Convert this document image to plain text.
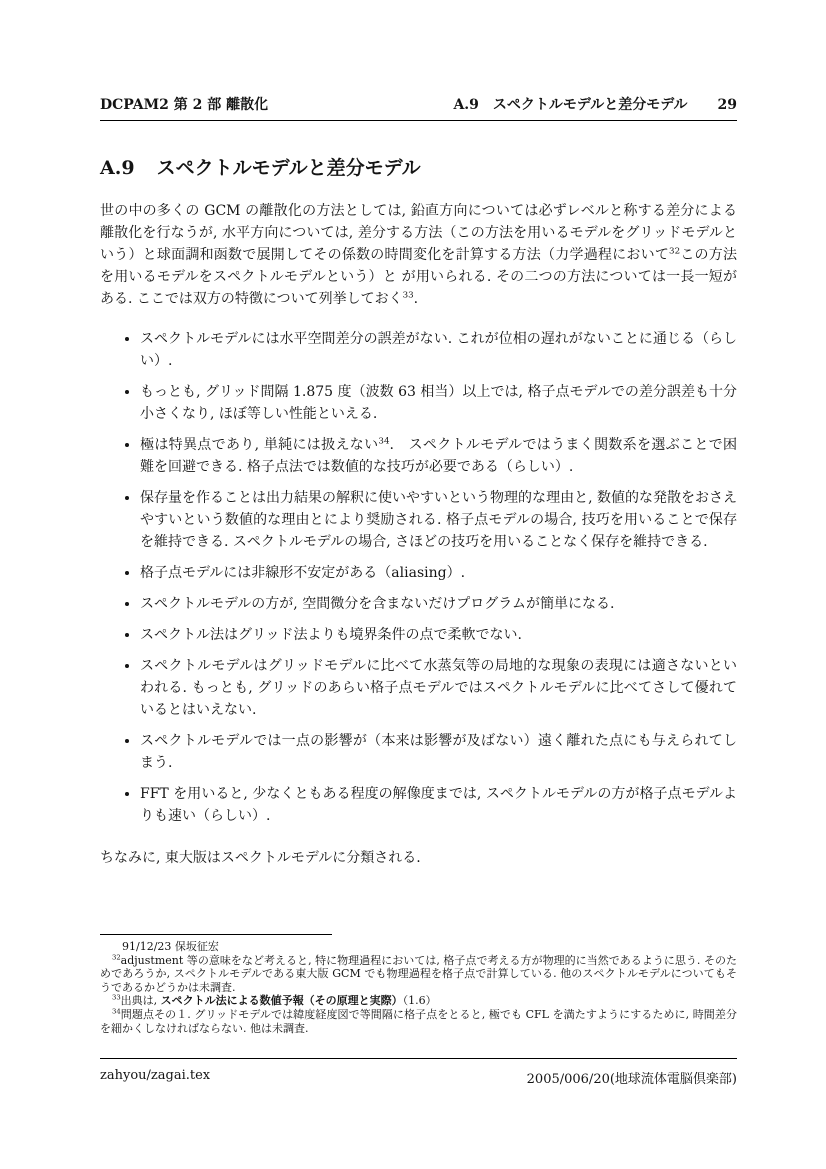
DCPAM2 第 2 部 離散化	A.9　スペクトルモデルと差分モデル 29
A.9 スペクトルモデルと差分モデル

世の中の多くの GCM の離散化の方法としては, 鉛直方向については必ずレベルと称する差分による離散化を行なうが, 水平方向については, 差分する方法（この方法を用いるモデルをグリッドモデルという）と球面調和函数で展開してその係数の時間変化を計算する方法（力学過程において$^{32}$この方法を用いるモデルをスペクトルモデルという）と が用いられる. その二つの方法については一長一短がある. ここでは双方の特徴について列挙しておく$^{33}$.

• スペクトルモデルには水平空間差分の誤差がない. これが位相の遅れがないことに通じる（らしい）.
• もっとも, グリッド間隔 1.875 度（波数 63 相当）以上では, 格子点モデルでの差分誤差も十分小さくなり, ほぼ等しい性能といえる.
• 極は特異点であり, 単純には扱えない$^{34}$.　スペクトルモデルではうまく関数系を選ぶことで困難を回避できる. 格子点法では数値的な技巧が必要である（らしい）.
• 保存量を作ることは出力結果の解釈に使いやすいという物理的な理由と, 数値的な発散をおさえやすいという数値的な理由とにより奨励される. 格子点モデルの場合, 技巧を用いることで保存を維持できる. スペクトルモデルの場合, さほどの技巧を用いることなく保存を維持できる.
• 格子点モデルには非線形不安定がある（aliasing）.
• スペクトルモデルの方が, 空間微分を含まないだけプログラムが簡単になる.
• スペクトル法はグリッド法よりも境界条件の点で柔軟でない.
• スペクトルモデルはグリッドモデルに比べて水蒸気等の局地的な現象の表現には適さないといわれる. もっとも, グリッドのあらい格子点モデルではスペクトルモデルに比べてさして優れているとはいえない.
• スペクトルモデルでは一点の影響が（本来は影響が及ばない）遠く離れた点にも与えられてしまう.
• FFT を用いると, 少なくともある程度の解像度までは, スペクトルモデルの方が格子点モデルよりも速い（らしい）.

ちなみに, 東大版はスペクトルモデルに分類される.

91/12/23 保坂征宏

$^{32}$adjustment 等の意味をなど考えると, 特に物理過程においては, 格子点で考える方が物理的に当然であるように思う. そのためであろうか, スペクトルモデルである東大版 GCM でも物理過程を格子点で計算している. 他のスペクトルモデルについてもそうであるかどうかは未調査.

$^{33}$出典は, スペクトル法による数値予報（その原理と実際）（1.6）

$^{34}$問題点その１. グリッドモデルでは緯度経度図で等間隔に格子点をとると, 極でも CFL を満たすようにするために, 時間差分を細かくしなければならない. 他は未調査.

zahyou/zagai.tex	2005/006/20(地球流体電脳倶楽部)
